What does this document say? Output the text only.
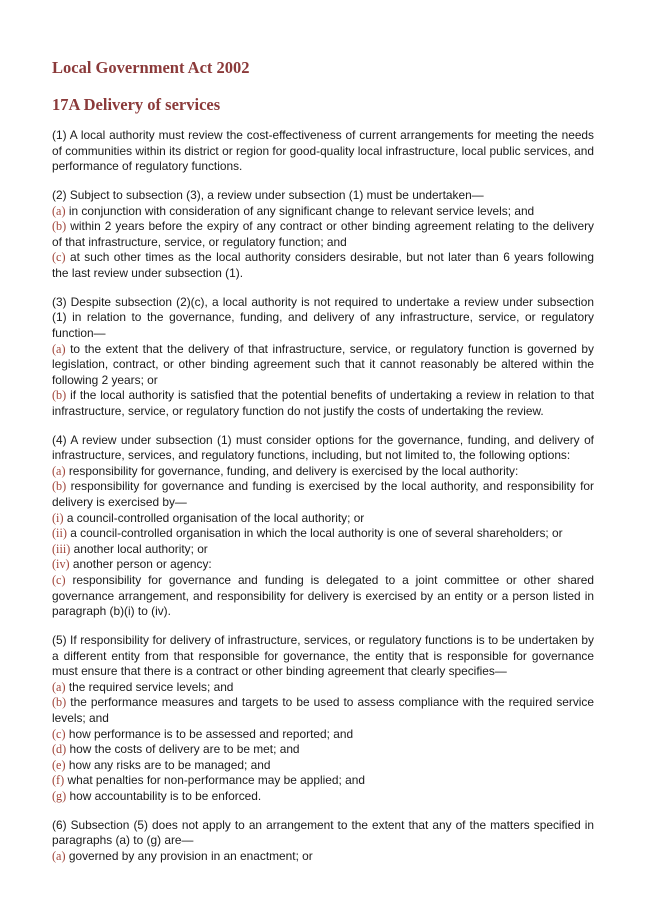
Local Government Act 2002
17A Delivery of services
(1) A local authority must review the cost-effectiveness of current arrangements for meeting the needs of communities within its district or region for good-quality local infrastructure, local public services, and performance of regulatory functions.
(2) Subject to subsection (3), a review under subsection (1) must be undertaken—
(a) in conjunction with consideration of any significant change to relevant service levels; and
(b) within 2 years before the expiry of any contract or other binding agreement relating to the delivery of that infrastructure, service, or regulatory function; and
(c) at such other times as the local authority considers desirable, but not later than 6 years following the last review under subsection (1).
(3) Despite subsection (2)(c), a local authority is not required to undertake a review under subsection (1) in relation to the governance, funding, and delivery of any infrastructure, service, or regulatory function—
(a) to the extent that the delivery of that infrastructure, service, or regulatory function is governed by legislation, contract, or other binding agreement such that it cannot reasonably be altered within the following 2 years; or
(b) if the local authority is satisfied that the potential benefits of undertaking a review in relation to that infrastructure, service, or regulatory function do not justify the costs of undertaking the review.
(4) A review under subsection (1) must consider options for the governance, funding, and delivery of infrastructure, services, and regulatory functions, including, but not limited to, the following options:
(a) responsibility for governance, funding, and delivery is exercised by the local authority:
(b) responsibility for governance and funding is exercised by the local authority, and responsibility for delivery is exercised by—
(i) a council-controlled organisation of the local authority; or
(ii) a council-controlled organisation in which the local authority is one of several shareholders; or
(iii) another local authority; or
(iv) another person or agency:
(c) responsibility for governance and funding is delegated to a joint committee or other shared governance arrangement, and responsibility for delivery is exercised by an entity or a person listed in paragraph (b)(i) to (iv).
(5) If responsibility for delivery of infrastructure, services, or regulatory functions is to be undertaken by a different entity from that responsible for governance, the entity that is responsible for governance must ensure that there is a contract or other binding agreement that clearly specifies—
(a) the required service levels; and
(b) the performance measures and targets to be used to assess compliance with the required service levels; and
(c) how performance is to be assessed and reported; and
(d) how the costs of delivery are to be met; and
(e) how any risks are to be managed; and
(f) what penalties for non-performance may be applied; and
(g) how accountability is to be enforced.
(6) Subsection (5) does not apply to an arrangement to the extent that any of the matters specified in paragraphs (a) to (g) are—
(a) governed by any provision in an enactment; or
